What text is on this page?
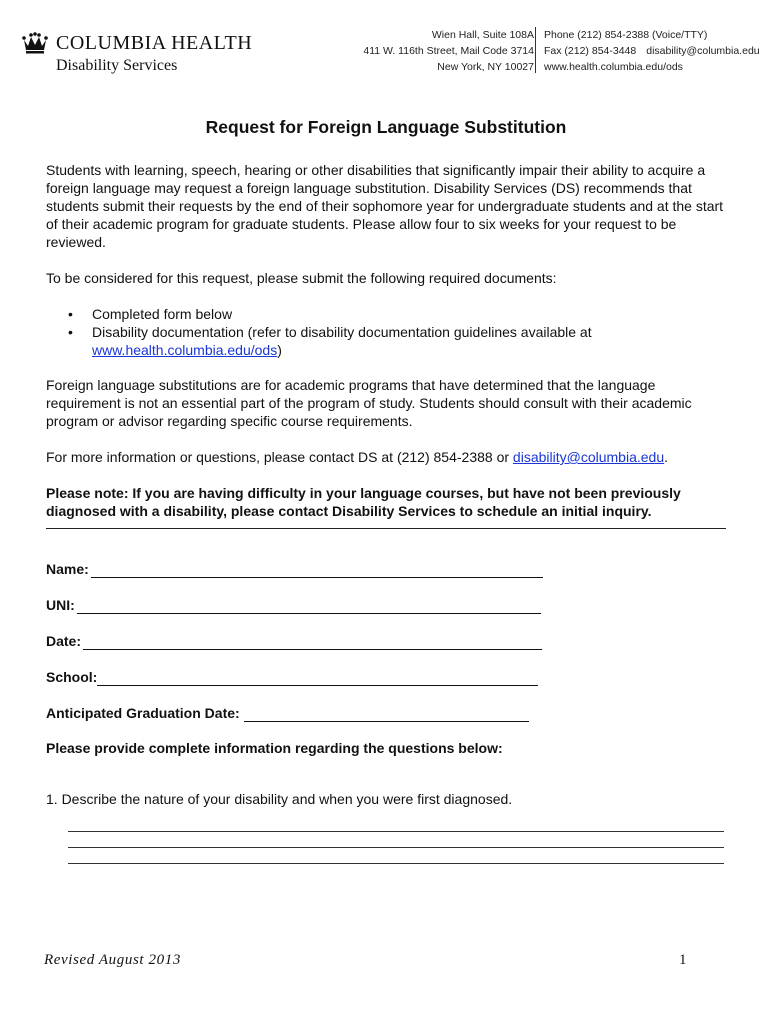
COLUMBIA HEALTH
Disability Services
Wien Hall, Suite 108A
411 W. 116th Street, Mail Code 3714
New York, NY 10027
Phone (212) 854-2388 (Voice/TTY)
Fax (212) 854-3448 disability@columbia.edu
www.health.columbia.edu/ods
Request for Foreign Language Substitution

Students with learning, speech, hearing or other disabilities that significantly impair their ability to acquire a foreign language may request a foreign language substitution. Disability Services (DS) recommends that students submit their requests by the end of their sophomore year for undergraduate students and at the start of their academic program for graduate students. Please allow four to six weeks for your request to be reviewed.

To be considered for this request, please submit the following required documents:

• Completed form below
• Disability documentation (refer to disability documentation guidelines available at
www.health.columbia.edu/ods)

Foreign language substitutions are for academic programs that have determined that the language requirement is not an essential part of the program of study. Students should consult with their academic program or advisor regarding specific course requirements.

For more information or questions, please contact DS at (212) 854-2388 or disability@columbia.edu.

Please note: If you are having difficulty in your language courses, but have not been previously diagnosed with a disability, please contact Disability Services to schedule an initial inquiry.

Name:
UNI:
Date:
School:
Anticipated Graduation Date:

Please provide complete information regarding the questions below:

1. Describe the nature of your disability and when you were first diagnosed.

Revised August 2013	1
